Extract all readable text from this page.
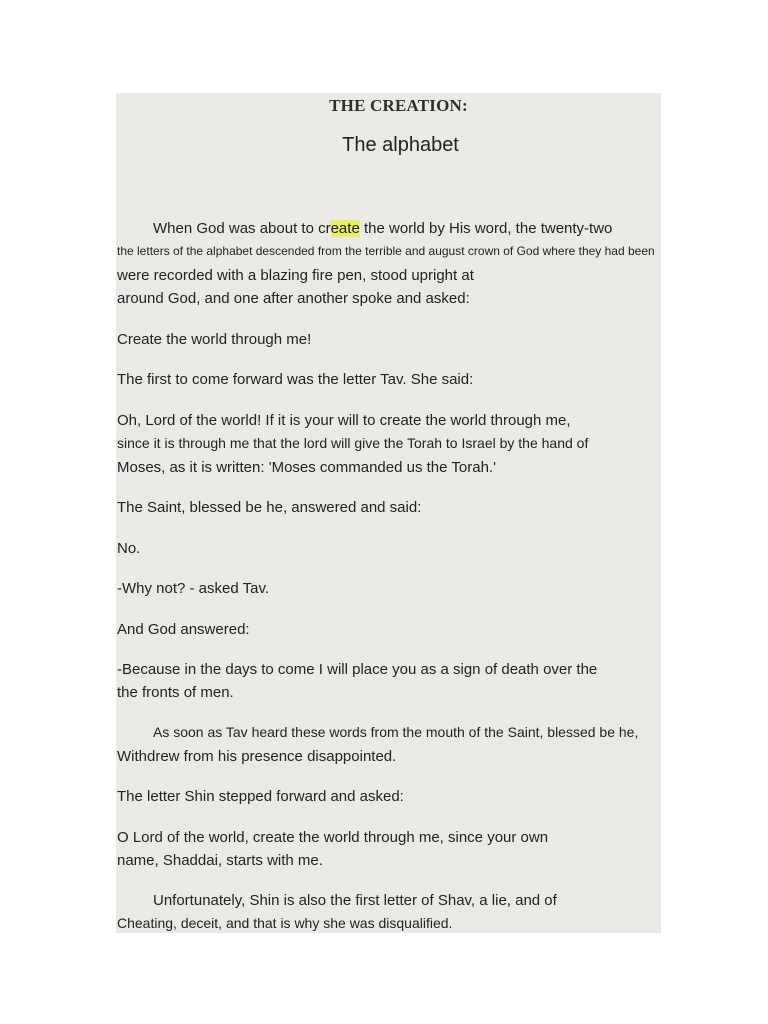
THE CREATION:
The alphabet
When God was about to create the world by His word, the twenty-two
the letters of the alphabet descended from the terrible and august crown of God where they had been
were recorded with a blazing fire pen, stood upright at
around God, and one after another spoke and asked:
Create the world through me!
The first to come forward was the letter Tav. She said:
Oh, Lord of the world! If it is your will to create the world through me,
since it is through me that the lord will give the Torah to Israel by the hand of
Moses, as it is written: 'Moses commanded us the Torah.'
The Saint, blessed be he, answered and said:
No.
-Why not? - asked Tav.
And God answered:
-Because in the days to come I will place you as a sign of death over the
the fronts of men.
As soon as Tav heard these words from the mouth of the Saint, blessed be he,
Withdrew from his presence disappointed.
The letter Shin stepped forward and asked:
O Lord of the world, create the world through me, since your own
name, Shaddai, starts with me.
Unfortunately, Shin is also the first letter of Shav, a lie, and of
Cheating, deceit, and that is why she was disqualified.
